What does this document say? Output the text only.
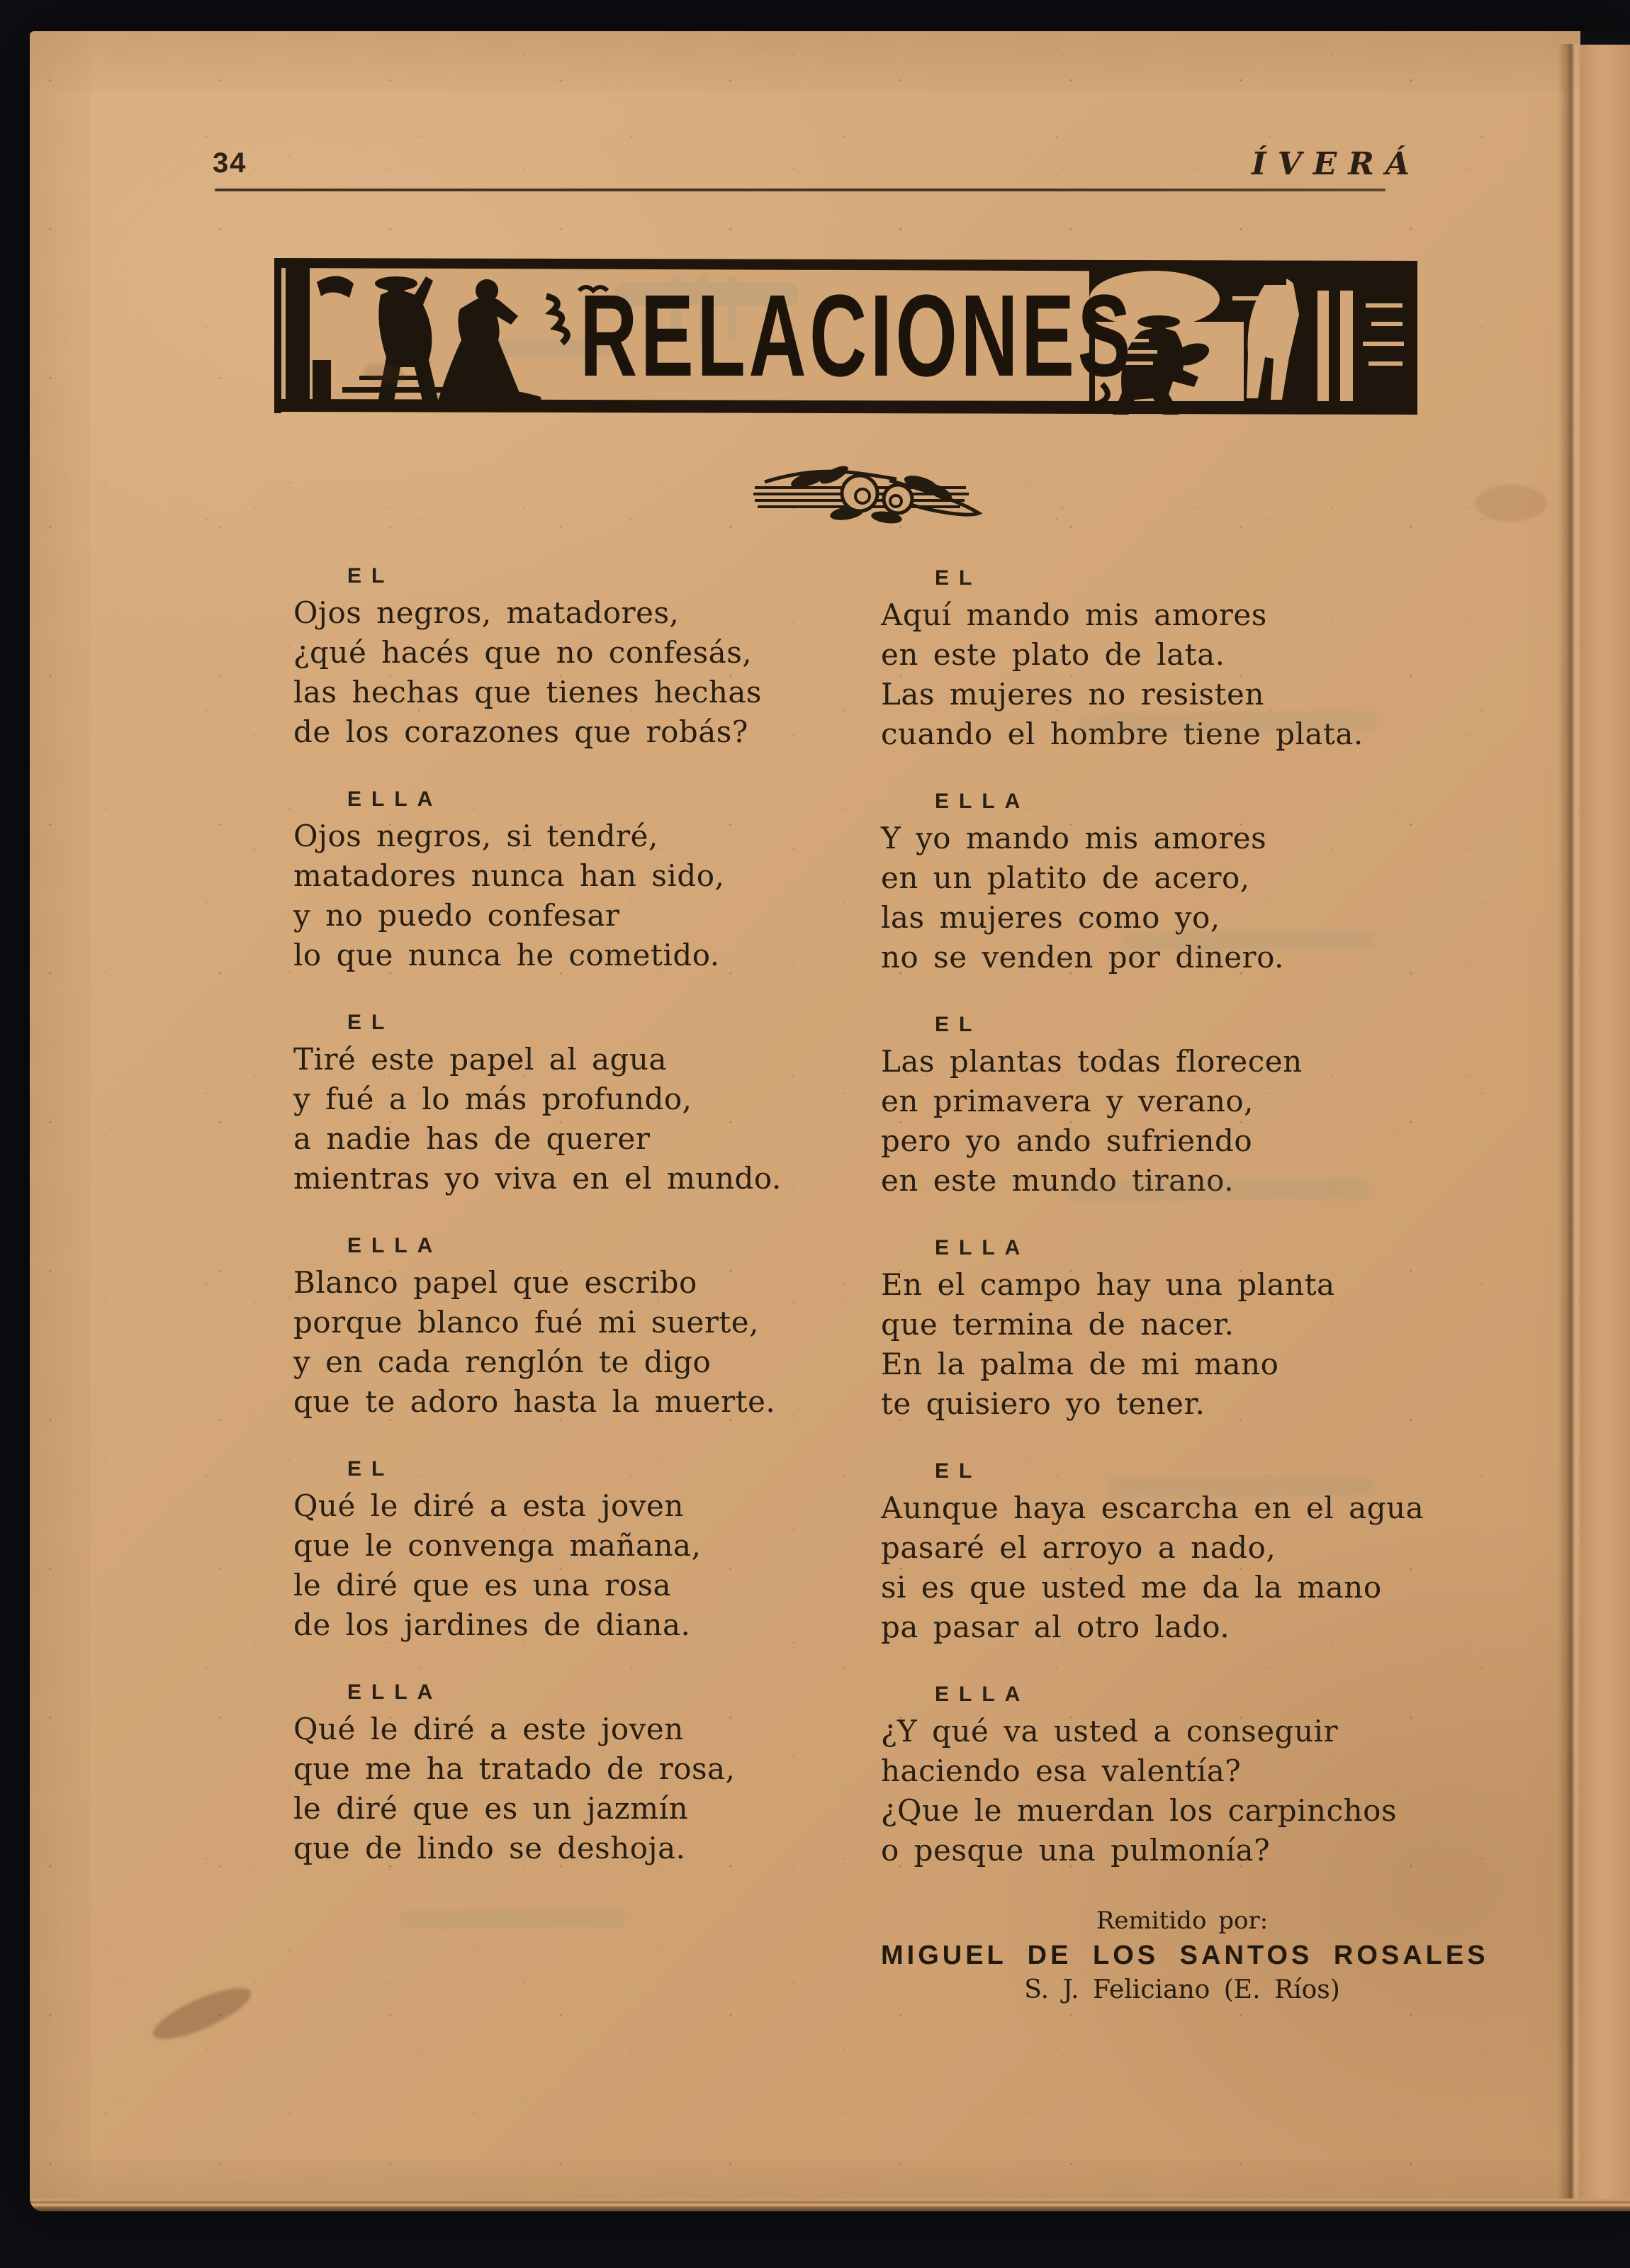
34	ÍVERÁ
RELACIONES
EL
Ojos negros, matadores,
¿qué hacés que no confesás,
las hechas que tienes hechas
de los corazones que robás?
ELLA
Ojos negros, si tendré,
matadores nunca han sido,
y no puedo confesar
lo que nunca he cometido.
EL
Tiré este papel al agua
y fué a lo más profundo,
a nadie has de querer
mientras yo viva en el mundo.
ELLA
Blanco papel que escribo
porque blanco fué mi suerte,
y en cada renglón te digo
que te adoro hasta la muerte.
EL
Qué le diré a esta joven
que le convenga mañana,
le diré que es una rosa
de los jardines de diana.
ELLA
Qué le diré a este joven
que me ha tratado de rosa,
le diré que es un jazmín
que de lindo se deshoja.
EL
Aquí mando mis amores
en este plato de lata.
Las mujeres no resisten
cuando el hombre tiene plata.
ELLA
Y yo mando mis amores
en un platito de acero,
las mujeres como yo,
no se venden por dinero.
EL
Las plantas todas florecen
en primavera y verano,
pero yo ando sufriendo
en este mundo tirano.
ELLA
En el campo hay una planta
que termina de nacer.
En la palma de mi mano
te quisiero yo tener.
EL
Aunque haya escarcha en el agua
pasaré el arroyo a nado,
si es que usted me da la mano
pa pasar al otro lado.
ELLA
¿Y qué va usted a conseguir
haciendo esa valentía?
¿Que le muerdan los carpinchos
o pesque una pulmonía?
Remitido por:
MIGUEL DE LOS SANTOS ROSALES
S. J. Feliciano (E. Ríos)
